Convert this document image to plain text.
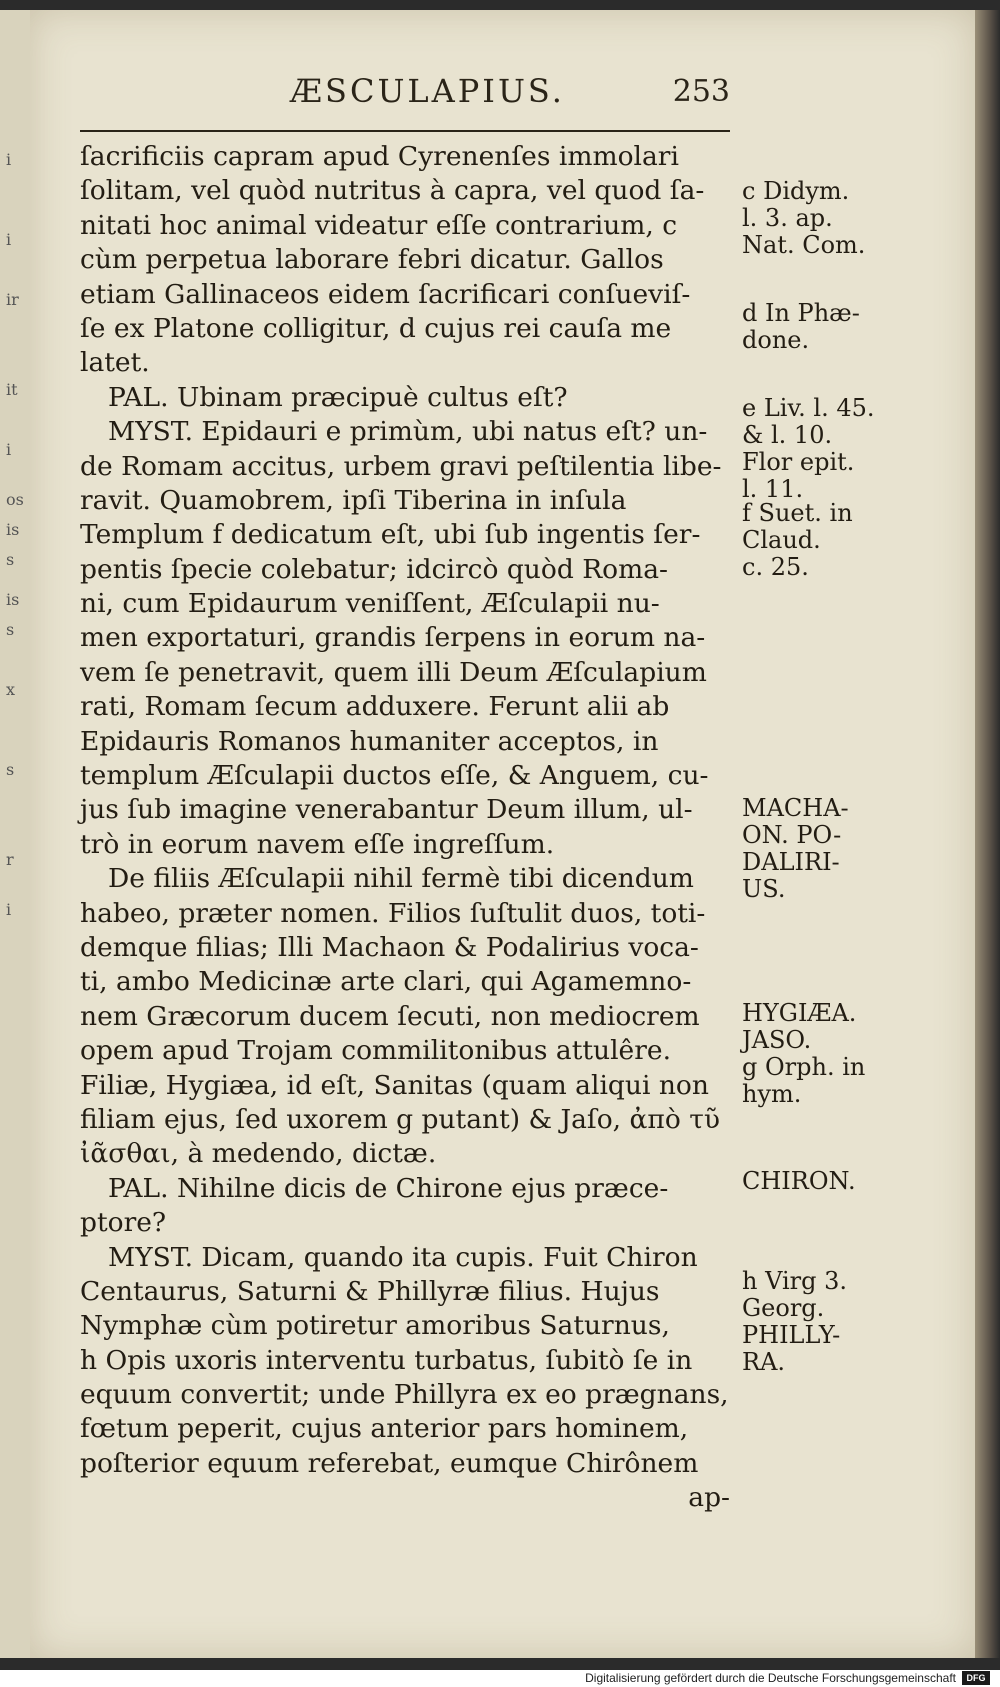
ÆSCULAPIUS.	253
ſacrificiis capram apud Cyrenenſes immolari
ſolitam, vel quòd nutritus à capra, vel quod ſa-
nitati hoc animal videatur eſſe contrarium, c
cùm perpetua laborare febri dicatur. Gallos
etiam Gallinaceos eidem ſacrificari conſueviſ-
ſe ex Platone colligitur, d cujus rei cauſa me
latet.
PAL. Ubinam præcipuè cultus eſt?
MYST. Epidauri e primùm, ubi natus eſt? un-
de Romam accitus, urbem gravi peſtilentia libe-
ravit. Quamobrem, ipſi Tiberina in inſula
Templum f dedicatum eſt, ubi ſub ingentis ſer-
pentis ſpecie colebatur; idcircò quòd Roma-
ni, cum Epidaurum veniſſent, Æſculapii nu-
men exportaturi, grandis ſerpens in eorum na-
vem ſe penetravit, quem illi Deum Æſculapium
rati, Romam ſecum adduxere. Ferunt alii ab
Epidauris Romanos humaniter acceptos, in
templum Æſculapii ductos eſſe, & Anguem, cu-
jus ſub imagine venerabantur Deum illum, ul-
trò in eorum navem eſſe ingreſſum.
De filiis Æſculapii nihil fermè tibi dicendum
habeo, præter nomen. Filios ſuſtulit duos, toti-
demque filias; Illi Machaon & Podalirius voca-
ti, ambo Medicinæ arte clari, qui Agamemno-
nem Græcorum ducem ſecuti, non mediocrem
opem apud Trojam commilitonibus attulêre.
Filiæ, Hygiæa, id eſt, Sanitas (quam aliqui non
filiam ejus, ſed uxorem g putant) & Jaſo, ἀπὸ τῦ
ἰᾶσθαι, à medendo, dictæ.
PAL. Nihilne dicis de Chirone ejus præce-
ptore?
MYST. Dicam, quando ita cupis. Fuit Chiron
Centaurus, Saturni & Phillyræ filius. Hujus
Nymphæ cùm potiretur amoribus Saturnus,
h Opis uxoris interventu turbatus, ſubitò ſe in
equum convertit; unde Phillyra ex eo prægnans,
fœtum peperit, cujus anterior pars hominem,
poſterior equum referebat, eumque Chirônem
ap-
c Didym.
l. 3. ap.
Nat. Com.
d In Phæ-
done.
e Liv. l. 45.
& l. 10.
Flor epit.
l. 11.
f Suet. in
Claud.
c. 25.
MACHA-
ON. PO-
DALIRI-
US.
HYGIÆA.
JASO.
g Orph. in
hym.
CHIRON.
h Virg 3.
Georg.
PHILLY-
RA.
i
i
ir
it
i
os
is
s
is
s
x
s
r
i
Digitalisierung gefördert durch die Deutsche Forschungsgemeinschaft	DFG
